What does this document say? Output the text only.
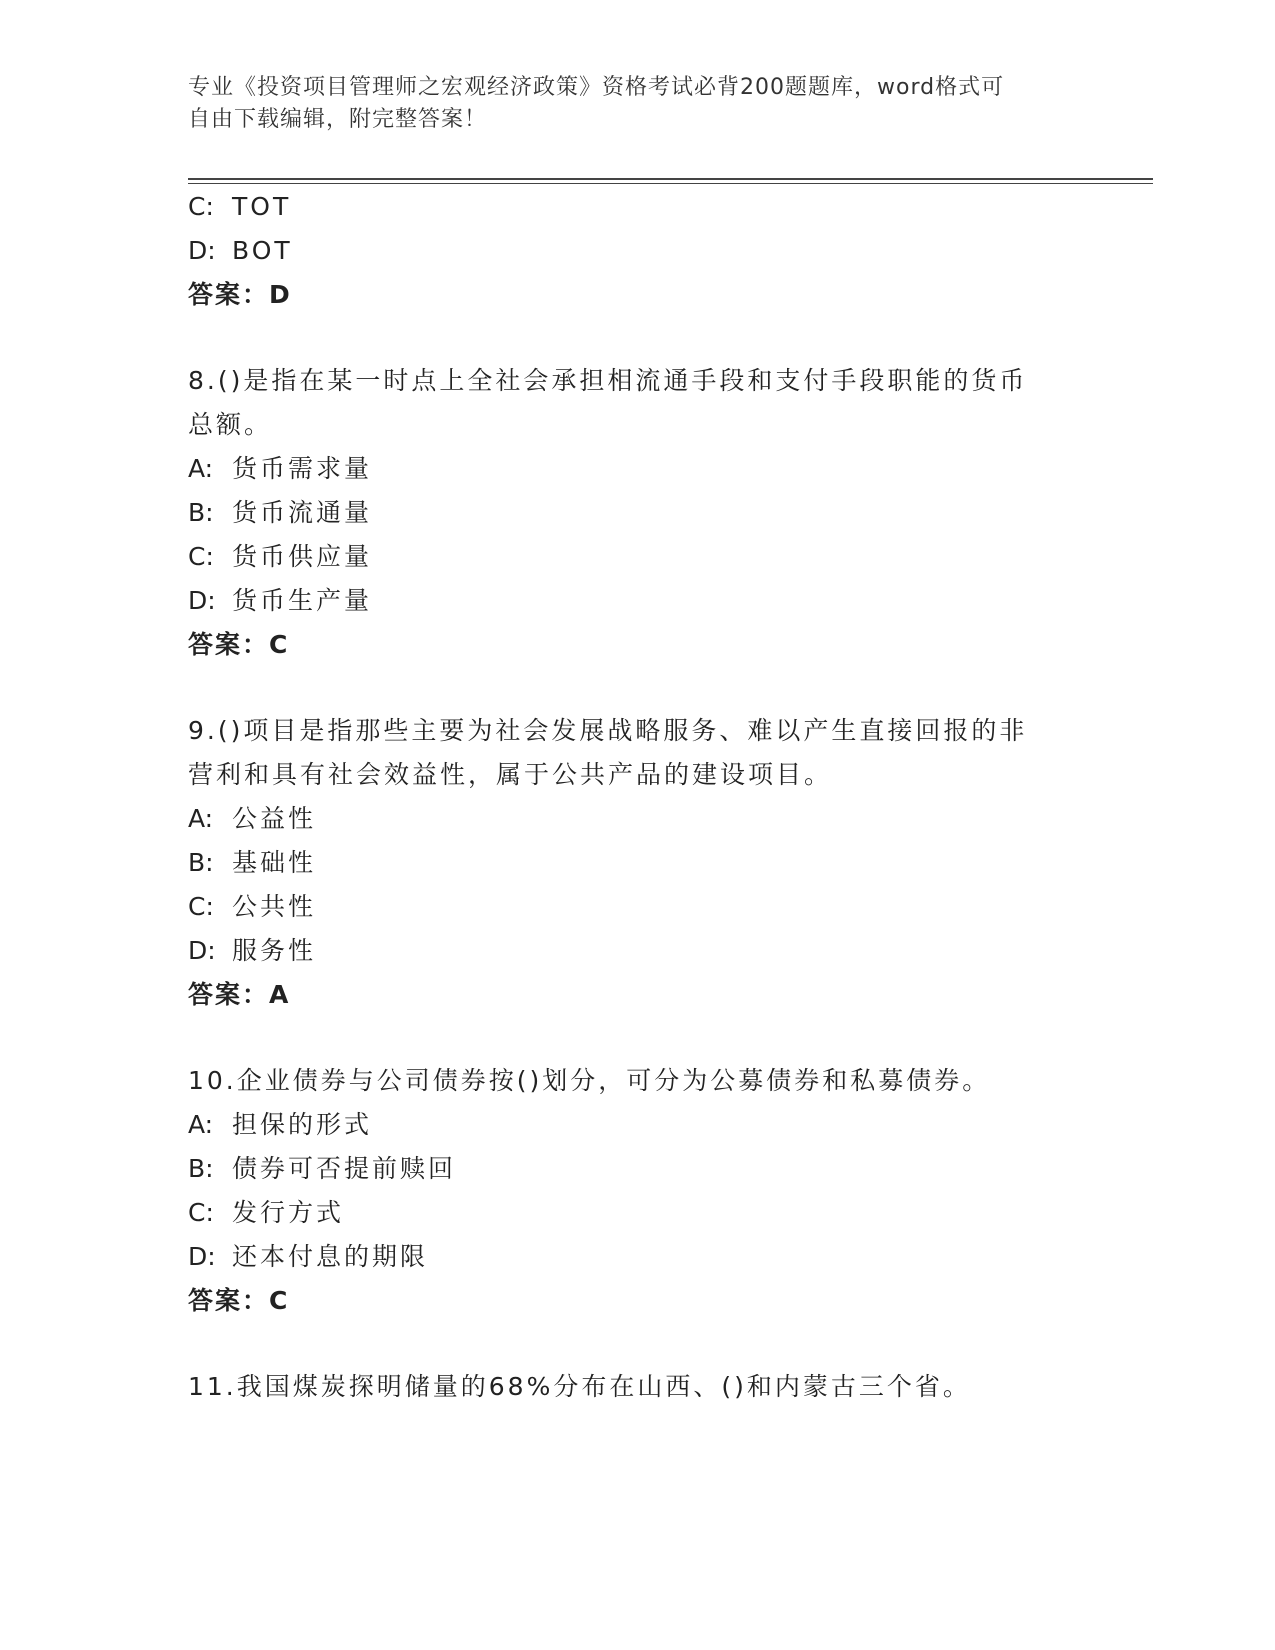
专业《投资项目管理师之宏观经济政策》资格考试必背200题题库，word格式可
自由下载编辑，附完整答案！
C: TOT
D: BOT
答案：D
8.()是指在某一时点上全社会承担相流通手段和支付手段职能的货币
总额。
A: 货币需求量
B: 货币流通量
C: 货币供应量
D: 货币生产量
答案：C
9.()项目是指那些主要为社会发展战略服务、难以产生直接回报的非
营利和具有社会效益性，属于公共产品的建设项目。
A: 公益性
B: 基础性
C: 公共性
D: 服务性
答案：A
10.企业债券与公司债券按()划分，可分为公募债券和私募债券。
A: 担保的形式
B: 债券可否提前赎回
C: 发行方式
D: 还本付息的期限
答案：C
11.我国煤炭探明储量的68%分布在山西、()和内蒙古三个省。
